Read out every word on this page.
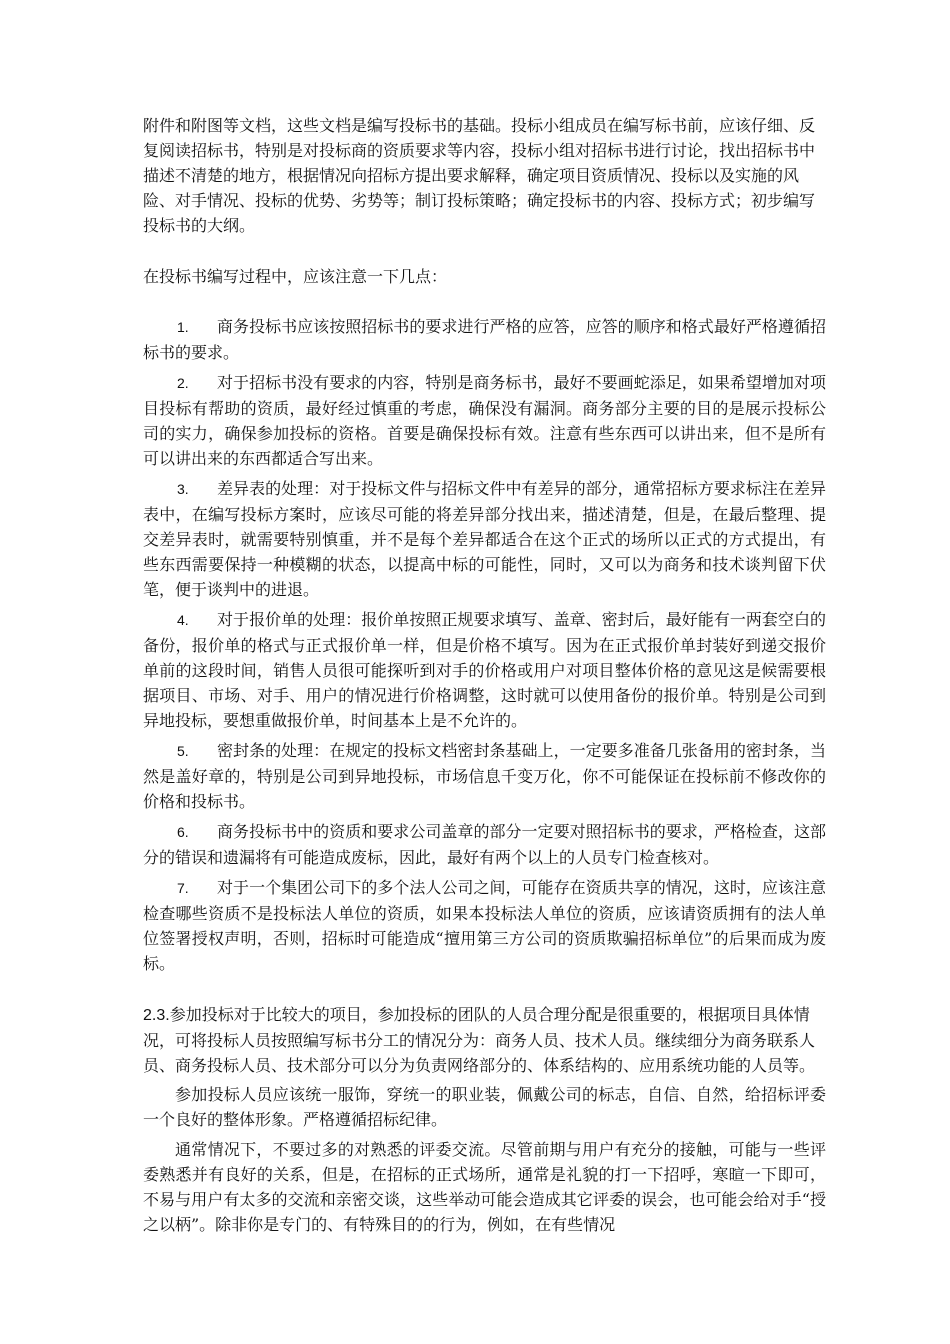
附件和附图等文档，这些文档是编写投标书的基础。投标小组成员在编写标书前，应该仔细、反复阅读招标书，特别是对投标商的资质要求等内容，投标小组对招标书进行讨论，找出招标书中描述不清楚的地方，根据情况向招标方提出要求解释，确定项目资质情况、投标以及实施的风险、对手情况、投标的优势、劣势等；制订投标策略；确定投标书的内容、投标方式；初步编写投标书的大纲。

在投标书编写过程中，应该注意一下几点：

1. 商务投标书应该按照招标书的要求进行严格的应答，应答的顺序和格式最好严格遵循招标书的要求。
2. 对于招标书没有要求的内容，特别是商务标书，最好不要画蛇添足，如果希望增加对项目投标有帮助的资质，最好经过慎重的考虑，确保没有漏洞。商务部分主要的目的是展示投标公司的实力，确保参加投标的资格。首要是确保投标有效。注意有些东西可以讲出来，但不是所有可以讲出来的东西都适合写出来。
3. 差异表的处理：对于投标文件与招标文件中有差异的部分，通常招标方要求标注在差异表中，在编写投标方案时，应该尽可能的将差异部分找出来，描述清楚，但是，在最后整理、提交差异表时，就需要特别慎重，并不是每个差异都适合在这个正式的场所以正式的方式提出，有些东西需要保持一种模糊的状态，以提高中标的可能性，同时，又可以为商务和技术谈判留下伏笔，便于谈判中的进退。
4. 对于报价单的处理：报价单按照正规要求填写、盖章、密封后，最好能有一两套空白的备份，报价单的格式与正式报价单一样，但是价格不填写。因为在正式报价单封装好到递交报价单前的这段时间，销售人员很可能探听到对手的价格或用户对项目整体价格的意见这是候需要根据项目、市场、对手、用户的情况进行价格调整，这时就可以使用备份的报价单。特别是公司到异地投标，要想重做报价单，时间基本上是不允许的。
5. 密封条的处理：在规定的投标文档密封条基础上，一定要多准备几张备用的密封条，当然是盖好章的，特别是公司到异地投标，市场信息千变万化，你不可能保证在投标前不修改你的价格和投标书。
6. 商务投标书中的资质和要求公司盖章的部分一定要对照招标书的要求，严格检查，这部分的错误和遗漏将有可能造成废标，因此，最好有两个以上的人员专门检查核对。
7. 对于一个集团公司下的多个法人公司之间，可能存在资质共享的情况，这时，应该注意检查哪些资质不是投标法人单位的资质，如果本投标法人单位的资质，应该请资质拥有的法人单位签署授权声明，否则，招标时可能造成“擅用第三方公司的资质欺骗招标单位”的后果而成为废标。

2.3.参加投标对于比较大的项目，参加投标的团队的人员合理分配是很重要的，根据项目具体情况，可将投标人员按照编写标书分工的情况分为：商务人员、技术人员。继续细分为商务联系人员、商务投标人员、技术部分可以分为负责网络部分的、体系结构的、应用系统功能的人员等。

参加投标人员应该统一服饰，穿统一的职业装，佩戴公司的标志，自信、自然，给招标评委一个良好的整体形象。严格遵循招标纪律。

通常情况下，不要过多的对熟悉的评委交流。尽管前期与用户有充分的接触，可能与一些评委熟悉并有良好的关系，但是，在招标的正式场所，通常是礼貌的打一下招呼，寒暄一下即可，不易与用户有太多的交流和亲密交谈，这些举动可能会造成其它评委的误会，也可能会给对手“授之以柄”。除非你是专门的、有特殊目的的行为，例如，在有些情况
